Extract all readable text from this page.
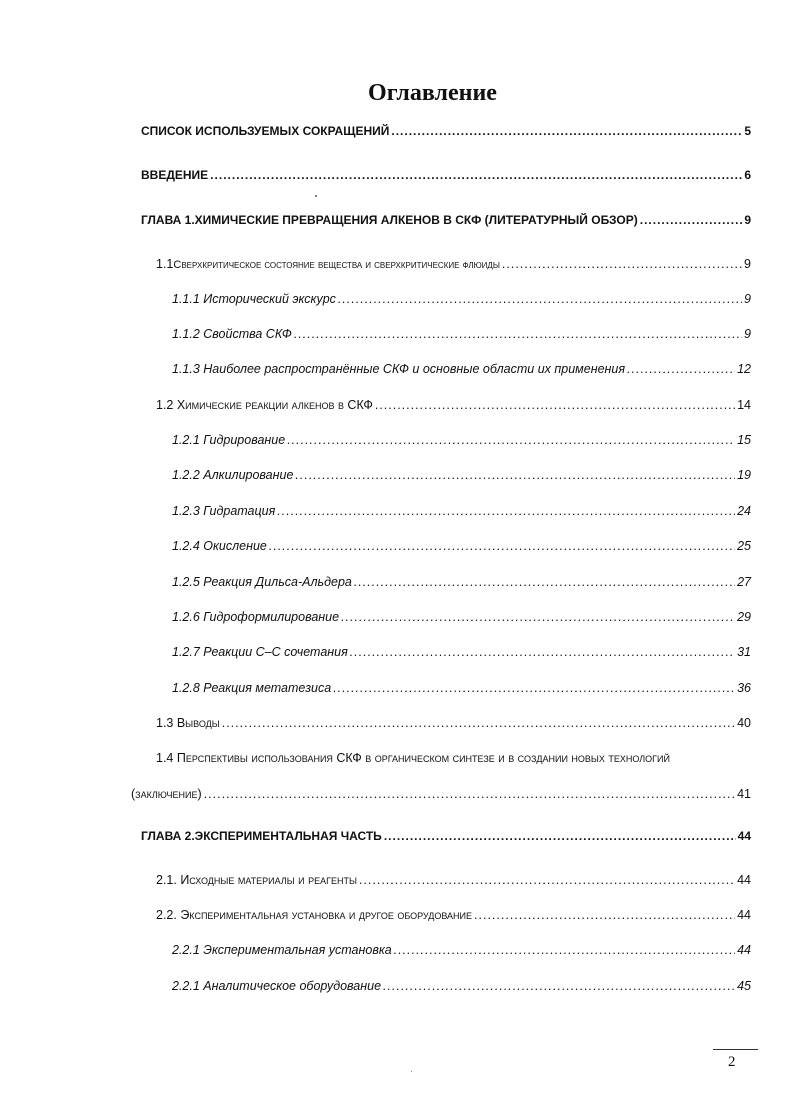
Оглавление
СПИСОК ИСПОЛЬЗУЕМЫХ СОКРАЩЕНИЙ .....	5
ВВЕДЕНИЕ .....	6
ГЛАВА 1. ХИМИЧЕСКИЕ ПРЕВРАЩЕНИЯ АЛКЕНОВ В СКФ (ЛИТЕРАТУРНЫЙ ОБЗОР) .....	9
1.1 Сверхкритическое состояние вещества и сверхкритические флюиды .....	9
1.1.1 Исторический экскурс .....	9
1.1.2 Свойства СКФ .....	9
1.1.3 Наиболее распространённые СКФ и основные области их применения .....	12
1.2 Химические реакции алкенов в СКФ .....	14
1.2.1 Гидрирование .....	15
1.2.2 Алкилирование .....	19
1.2.3 Гидратация .....	24
1.2.4 Окисление .....	25
1.2.5 Реакция Дильса-Альдера .....	27
1.2.6 Гидроформилирование .....	29
1.2.7 Реакции С–С сочетания .....	31
1.2.8 Реакция метатезиса .....	36
1.3 Выводы .....	40
1.4 Перспективы использования СКФ в органическом синтезе и в создании новых технологий
(заключение) .....	41
ГЛАВА 2. ЭКСПЕРИМЕНТАЛЬНАЯ ЧАСТЬ .....	44
2.1. Исходные материалы и реагенты .....	44
2.2. Экспериментальная установка и другое оборудование .....	44
2.2.1 Экспериментальная установка .....	44
2.2.1 Аналитическое оборудование .....	45
2
